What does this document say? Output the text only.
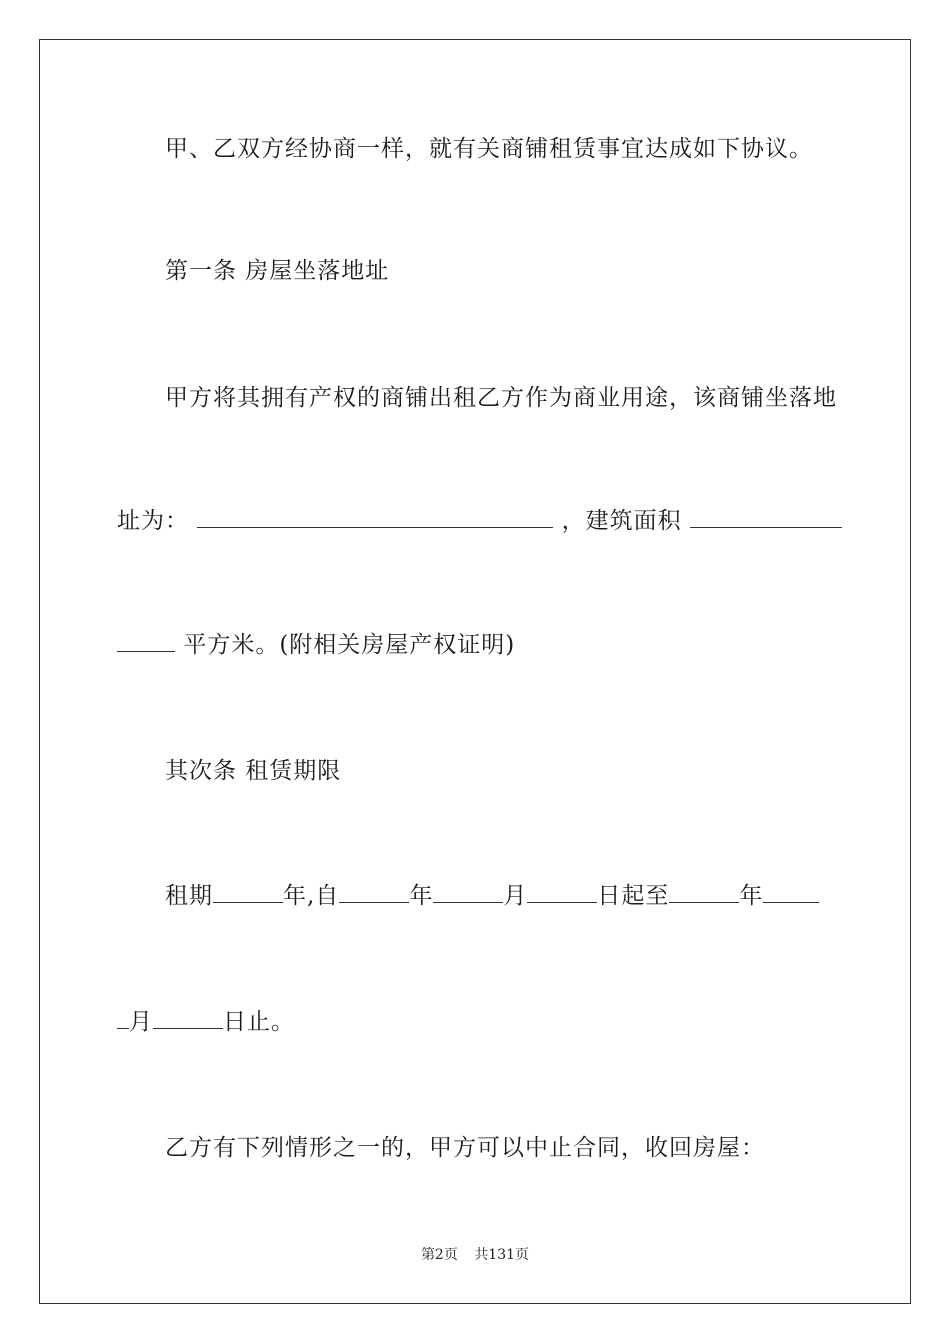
甲、乙双方经协商一样，就有关商铺租赁事宜达成如下协议。
第一条 房屋坐落地址
甲方将其拥有产权的商铺出租乙方作为商业用途，该商铺坐落地
址为：	，建筑面积
平方米。(附相关房屋产权证明)
其次条 租赁期限
租期	年,自	年	月	日起至	年
月	日止。
乙方有下列情形之一的，甲方可以中止合同，收回房屋：
第2页 共131页
